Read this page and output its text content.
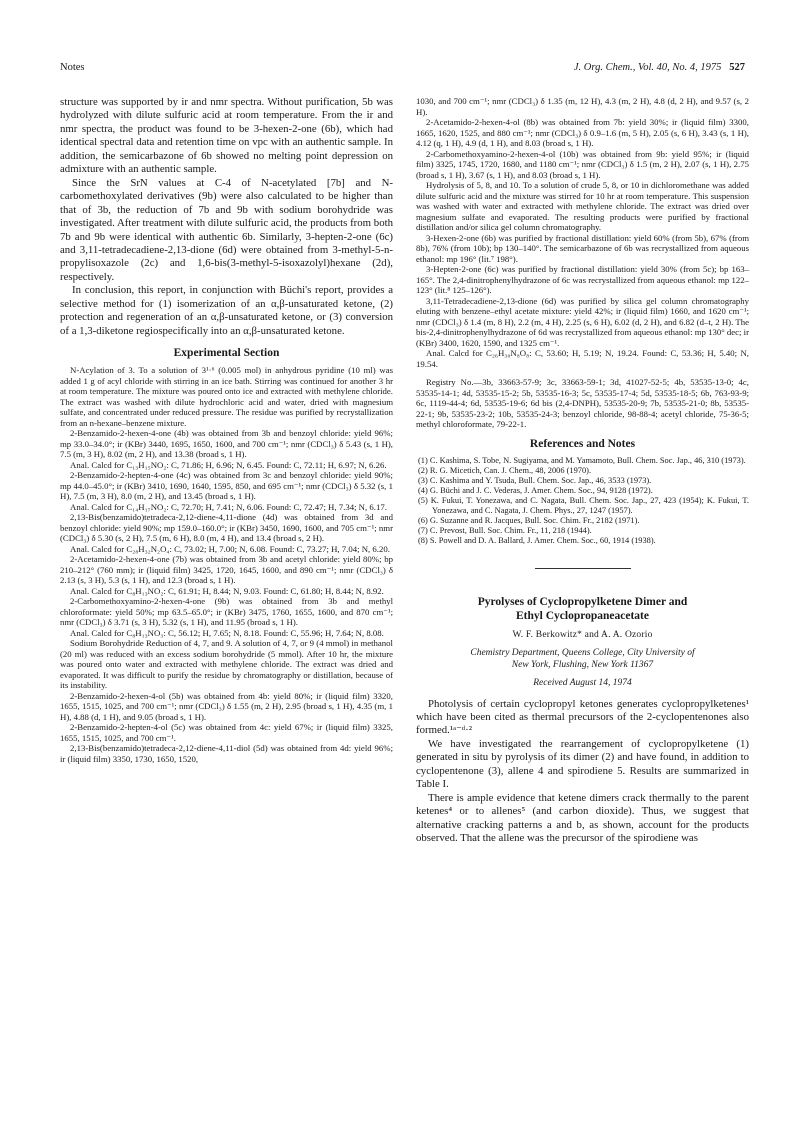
Notes	J. Org. Chem., Vol. 40, No. 4, 1975 527

structure was supported by ir and nmr spectra. Without purification, 5b was hydrolyzed with dilute sulfuric acid at room temperature. From the ir and nmr spectra, the product was found to be 3-hexen-2-one (6b), which had identical spectral data and retention time on vpc with an authentic sample. In addition, the semicarbazone of 6b showed no melting point depression on admixture with an authentic sample.

Since the SrN values at C-4 of N-acetylated [7b] and N-carbomethoxylated derivatives (9b) were also calculated to be higher than that of 3b, the reduction of 7b and 9b with sodium borohydride was investigated. After treatment with dilute sulfuric acid, the products from both 7b and 9b were identical with authentic 6b. Similarly, 3-hepten-2-one (6c) and 3,11-tetradecadiene-2,13-dione (6d) were obtained from 3-methyl-5-n-propylisoxazole (2c) and 1,6-bis(3-methyl-5-isoxazolyl)hexane (2d), respectively.

In conclusion, this report, in conjunction with Büchi's report, provides a selective method for (1) isomerization of an α,β-unsaturated ketone, (2) protection and regeneration of an α,β-unsaturated ketone, or (3) conversion of a 1,3-diketone regiospecifically into an α,β-unsaturated ketone.

Experimental Section

N-Acylation of 3. To a solution of 3¹·⁶ (0.005 mol) in anhydrous pyridine (10 ml) was added 1 g of acyl chloride with stirring in an ice bath. Stirring was continued for another 3 hr at room temperature. The mixture was poured onto ice and extracted with methylene chloride. The extract was washed with dilute hydrochloric acid and water, dried with magnesium sulfate, and concentrated under reduced pressure. The residue was purified by recrystallization from an n-hexane–benzene mixture.

2-Benzamido-2-hexen-4-one (4b) was obtained from 3b and benzoyl chloride: yield 96%; mp 33.0–34.0°; ir (KBr) 3440, 1695, 1650, 1600, and 700 cm⁻¹; nmr (CDCl₃) δ 5.43 (s, 1 H), 7.5 (m, 3 H), 8.02 (m, 2 H), and 13.38 (broad s, 1 H).

Anal. Calcd for C₁₃H₁₅NO₂: C, 71.86; H, 6.96; N, 6.45. Found: C, 72.11; H, 6.97; N, 6.26.

2-Benzamido-2-hepten-4-one (4c) was obtained from 3c and benzoyl chloride: yield 90%; mp 44.0–45.0°; ir (KBr) 3410, 1690, 1640, 1595, 850, and 695 cm⁻¹; nmr (CDCl₃) δ 5.32 (s, 1 H), 7.5 (m, 3 H), 8.0 (m, 2 H), and 13.45 (broad s, 1 H).

Anal. Calcd for C₁₄H₁₇NO₂: C, 72.70; H, 7.41; N, 6.06. Found: C, 72.47; H, 7.34; N, 6.17.

2,13-Bis(benzamido)tetradeca-2,12-diene-4,11-dione (4d) was obtained from 3d and benzoyl chloride: yield 90%; mp 159.0–160.0°; ir (KBr) 3450, 1690, 1600, and 705 cm⁻¹; nmr (CDCl₃) δ 5.30 (s, 2 H), 7.5 (m, 6 H), 8.0 (m, 4 H), and 13.4 (broad s, 2 H).

Anal. Calcd for C₂₈H₃₂N₂O₄: C, 73.02; H, 7.00; N, 6.08. Found: C, 73.27; H, 7.04; N, 6.20.

2-Acetamido-2-hexen-4-one (7b) was obtained from 3b and acetyl chloride: yield 80%; bp 210–212° (760 mm); ir (liquid film) 3425, 1720, 1645, 1600, and 890 cm⁻¹; nmr (CDCl₃) δ 2.13 (s, 3 H), 5.3 (s, 1 H), and 12.3 (broad s, 1 H).

Anal. Calcd for C₈H₁₃NO₂: C, 61.91; H, 8.44; N, 9.03. Found: C, 61.80; H, 8.44; N, 8.92.

2-Carbomethoxyamino-2-hexen-4-one (9b) was obtained from 3b and methyl chloroformate: yield 50%; mp 63.5–65.0°; ir (KBr) 3475, 1760, 1655, 1600, and 870 cm⁻¹; nmr (CDCl₃) δ 3.71 (s, 3 H), 5.32 (s, 1 H), and 11.95 (broad s, 1 H).

Anal. Calcd for C₈H₁₃NO₃: C, 56.12; H, 7.65; N, 8.18. Found: C, 55.96; H, 7.64; N, 8.08.

Sodium Borohydride Reduction of 4, 7, and 9. A solution of 4, 7, or 9 (4 mmol) in methanol (20 ml) was reduced with an excess sodium borohydride (5 mmol). After 10 hr, the mixture was poured onto water and extracted with methylene chloride. The extract was dried and evaporated. It was difficult to purify the residue by chromatography or distillation, because of its instability.

2-Benzamido-2-hexen-4-ol (5b) was obtained from 4b: yield 80%; ir (liquid film) 3320, 1655, 1515, 1025, and 700 cm⁻¹; nmr (CDCl₃) δ 1.55 (m, 2 H), 2.95 (broad s, 1 H), 4.35 (m, 1 H), 4.88 (d, 1 H), and 9.05 (broad s, 1 H).

2-Benzamido-2-hepten-4-ol (5c) was obtained from 4c: yield 67%; ir (liquid film) 3325, 1655, 1515, 1025, and 700 cm⁻¹.

2,13-Bis(benzamido)tetradeca-2,12-diene-4,11-diol (5d) was obtained from 4d: yield 96%; ir (liquid film) 3350, 1730, 1650, 1520,

1030, and 700 cm⁻¹; nmr (CDCl₃) δ 1.35 (m, 12 H), 4.3 (m, 2 H), 4.8 (d, 2 H), and 9.57 (s, 2 H).

2-Acetamido-2-hexen-4-ol (8b) was obtained from 7b: yield 30%; ir (liquid film) 3300, 1665, 1620, 1525, and 880 cm⁻¹; nmr (CDCl₃) δ 0.9–1.6 (m, 5 H), 2.05 (s, 6 H), 3.43 (s, 1 H), 4.12 (q, 1 H), 4.9 (d, 1 H), and 8.03 (broad s, 1 H).

2-Carbomethoxyamino-2-hexen-4-ol (10b) was obtained from 9b: yield 95%; ir (liquid film) 3325, 1745, 1720, 1680, and 1180 cm⁻¹; nmr (CDCl₃) δ 1.5 (m, 2 H), 2.07 (s, 1 H), 2.75 (broad s, 1 H), 3.67 (s, 1 H), and 8.03 (broad s, 1 H).

Hydrolysis of 5, 8, and 10. To a solution of crude 5, 8, or 10 in dichloromethane was added dilute sulfuric acid and the mixture was stirred for 10 hr at room temperature. This suspension was washed with water and extracted with methylene chloride. The extract was dried over magnesium sulfate and evaporated. The resulting products were purified by fractional distillation and/or silica gel column chromatography.

3-Hexen-2-one (6b) was purified by fractional distillation: yield 60% (from 5b), 67% (from 8b), 76% (from 10b); bp 130–140°. The semicarbazone of 6b was recrystallized from aqueous ethanol: mp 196° (lit.⁷ 198°).

3-Hepten-2-one (6c) was purified by fractional distillation: yield 30% (from 5c); bp 163–165°. The 2,4-dinitrophenylhydrazone of 6c was recrystallized from aqueous ethanol: mp 122–123° (lit.⁸ 125–126°).

3,11-Tetradecadiene-2,13-dione (6d) was purified by silica gel column chromatography eluting with benzene–ethyl acetate mixture: yield 42%; ir (liquid film) 1660, and 1620 cm⁻¹; nmr (CDCl₃) δ 1.4 (m, 8 H), 2.2 (m, 4 H), 2.25 (s, 6 H), 6.02 (d, 2 H), and 6.82 (d–t, 2 H). The bis-2,4-dinitrophenylhydrazone of 6d was recrystallized from aqueous ethanol: mp 130° dec; ir (KBr) 3400, 1620, 1590, and 1325 cm⁻¹.

Anal. Calcd for C₂₆H₃₀N₈O₈: C, 53.60; H, 5.19; N, 19.24. Found: C, 53.36; H, 5.40; N, 19.54.

Registry No.—3b, 33663-57-9; 3c, 33663-59-1; 3d, 41027-52-5; 4b, 53535-13-0; 4c, 53535-14-1; 4d, 53535-15-2; 5b, 53535-16-3; 5c, 53535-17-4; 5d, 53535-18-5; 6b, 763-93-9; 6c, 1119-44-4; 6d, 53535-19-6; 6d bis (2,4-DNPH), 53535-20-9; 7b, 53535-21-0; 8b, 53535-22-1; 9b, 53535-23-2; 10b, 53535-24-3; benzoyl chloride, 98-88-4; acetyl chloride, 75-36-5; methyl chloroformate, 79-22-1.

References and Notes

(1) C. Kashima, S. Tobe, N. Sugiyama, and M. Yamamoto, Bull. Chem. Soc. Jap., 46, 310 (1973).

(2) R. G. Micetich, Can. J. Chem., 48, 2006 (1970).

(3) C. Kashima and Y. Tsuda, Bull. Chem. Soc. Jap., 46, 3533 (1973).

(4) G. Büchi and J. C. Vederas, J. Amer. Chem. Soc., 94, 9128 (1972).

(5) K. Fukui, T. Yonezawa, and C. Nagata, Bull. Chem. Soc. Jap., 27, 423 (1954); K. Fukui, T. Yonezawa, and C. Nagata, J. Chem. Phys., 27, 1247 (1957).

(6) G. Suzanne and R. Jacques, Bull. Soc. Chim. Fr., 2182 (1971).

(7) C. Prevost, Bull. Soc. Chim. Fr., 11, 218 (1944).

(8) S. Powell and D. A. Ballard, J. Amer. Chem. Soc., 60, 1914 (1938).

Pyrolyses of Cyclopropylketene Dimer and
Ethyl Cyclopropaneacetate
W. F. Berkowitz* and A. A. Ozorio
Chemistry Department, Queens College, City University of
New York, Flushing, New York 11367
Received August 14, 1974

Photolysis of certain cyclopropyl ketones generates cyclopropylketenes¹ which have been cited as thermal precursors of the 2-cyclopentenones also formed.¹ᵃ⁻ᵈ·²

We have investigated the rearrangement of cyclopropylketene (1) generated in situ by pyrolysis of its dimer (2) and have found, in addition to cyclopentenone (3), allene 4 and spirodiene 5. Results are summarized in Table I.

There is ample evidence that ketene dimers crack thermally to the parent ketenes⁴ or to allenes⁵ (and carbon dioxide). Thus, we suggest that alternative cracking patterns a and b, as shown, account for the products observed. That the allene was the precursor of the spirodiene was
